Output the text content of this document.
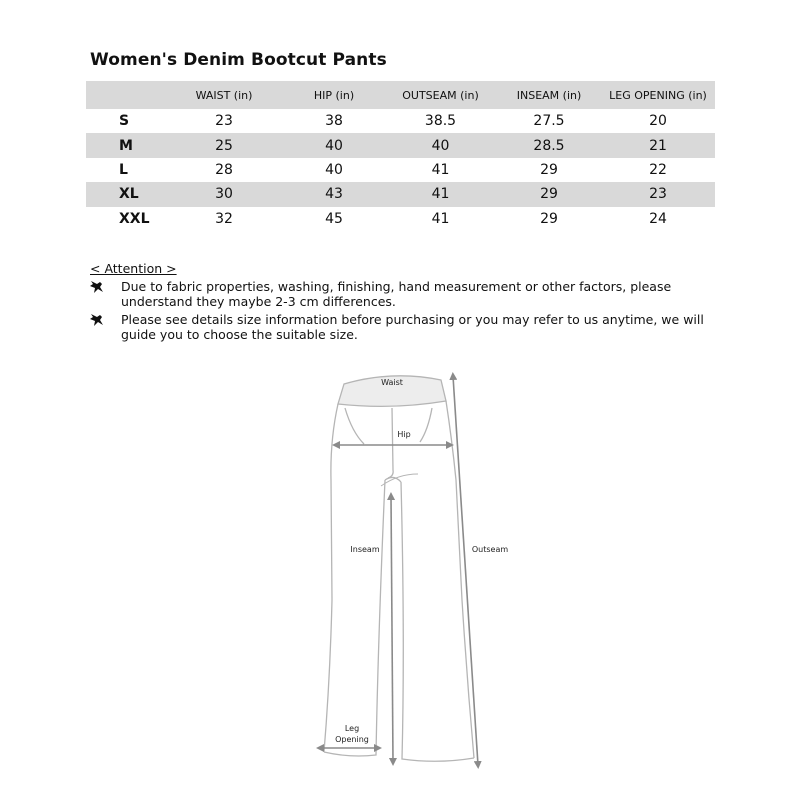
Women's Denim Bootcut Pants
	WAIST (in)	HIP (in)	OUTSEAM (in)	INSEAM (in)	LEG OPENING (in)
S	23	38	38.5	27.5	20
M	25	40	40	28.5	21
L	28	40	41	29	22
XL	30	43	41	29	23
XXL	32	45	41	29	24
< Attention >
Due to fabric properties, washing, finishing, hand measurement or other factors, please understand they maybe 2-3 cm differences.
Please see details size information before purchasing or you may refer to us anytime, we will guide you to choose the suitable size.
Waist
Hip
Inseam	Outseam
Leg
Opening
